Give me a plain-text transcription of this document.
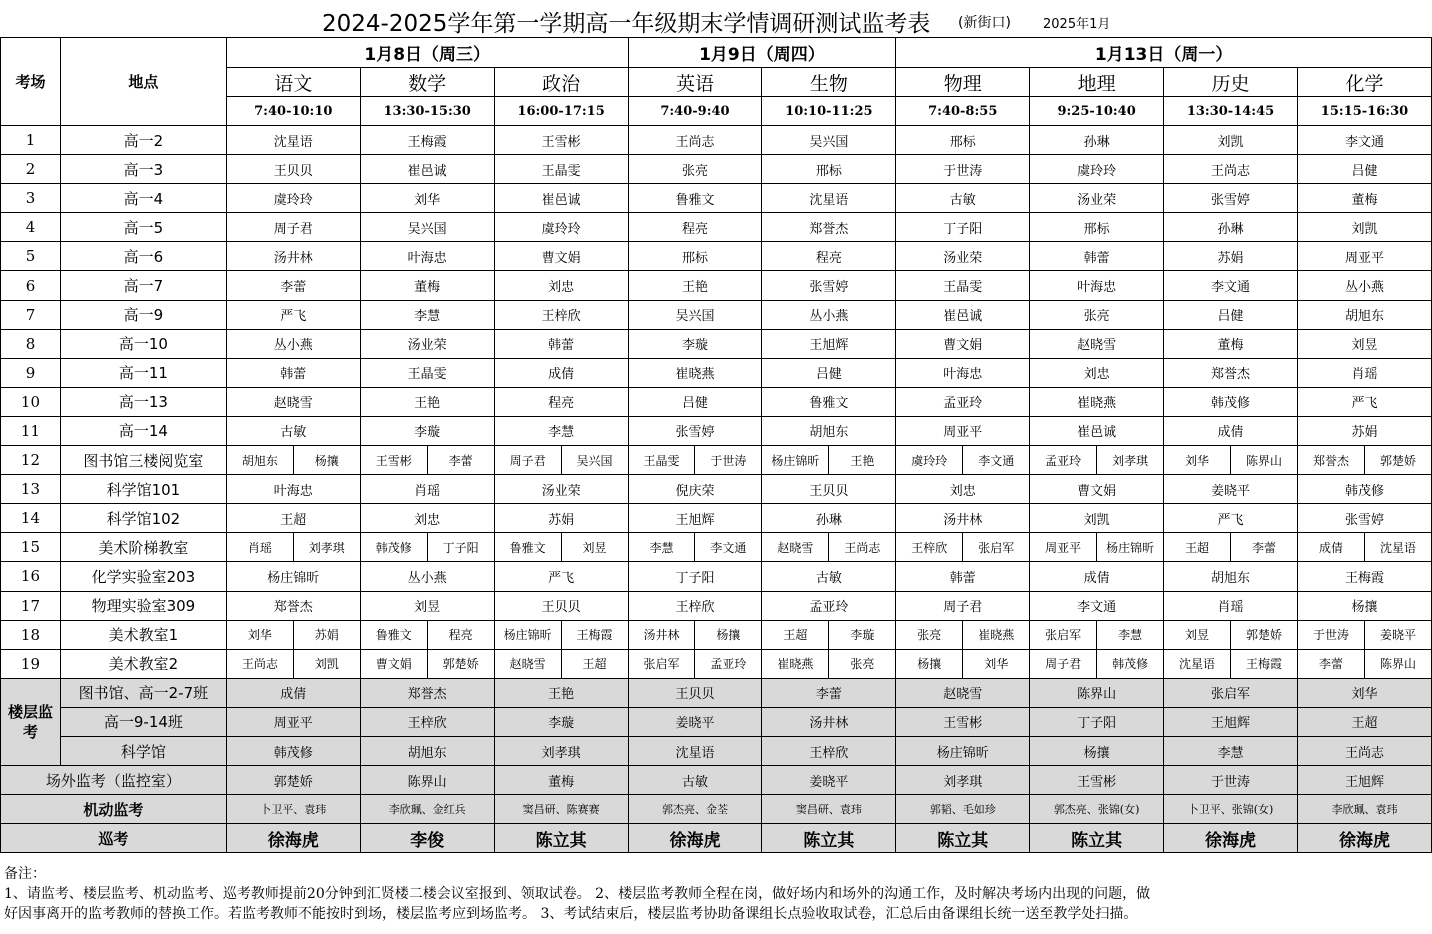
2024-2025学年第一学期高一年级期末学情调研测试监考表 (新街口) 2025年1月
考场	地点	1月8日（周三）						1月9日（周四）				1月13日（周一）							
		语文		数学		政治		英语		生物		物理		地理		历史		化学	
		7:40-10:10		13:30-15:30		16:00-17:15		7:40-9:40		10:10-11:25		7:40-8:55		9:25-10:40		13:30-14:45		15:15-16:30	
1	高一2	沈星语		王梅霞		王雪彬		王尚志		吴兴国		邢标		孙琳		刘凯		李文通	
2	高一3	王贝贝		崔邑诚		王晶雯		张亮		邢标		于世涛		虞玲玲		王尚志		吕健	
3	高一4	虞玲玲		刘华		崔邑诚		鲁雅文		沈星语		古敏		汤业荣		张雪婷		董梅	
4	高一5	周子君		吴兴国		虞玲玲		程亮		郑誉杰		丁子阳		邢标		孙琳		刘凯	
5	高一6	汤井林		叶海忠		曹文娟		邢标		程亮		汤业荣		韩蕾		苏娟		周亚平	
6	高一7	李蕾		董梅		刘忠		王艳		张雪婷		王晶雯		叶海忠		李文通		丛小燕	
7	高一9	严飞		李慧		王梓欣		吴兴国		丛小燕		崔邑诚		张亮		吕健		胡旭东	
8	高一10	丛小燕		汤业荣		韩蕾		李璇		王旭辉		曹文娟		赵晓雪		董梅		刘昱	
9	高一11	韩蕾		王晶雯		成倩		崔晓燕		吕健		叶海忠		刘忠		郑誉杰		肖瑶	
10	高一13	赵晓雪		王艳		程亮		吕健		鲁雅文		孟亚玲		崔晓燕		韩茂修		严飞	
11	高一14	古敏		李璇		李慧		张雪婷		胡旭东		周亚平		崔邑诚		成倩		苏娟	
12	图书馆三楼阅览室	胡旭东	杨攘	王雪彬	李蕾	周子君	吴兴国	王晶雯	于世涛	杨庄锦昕	王艳	虞玲玲	李文通	孟亚玲	刘孝琪	刘华	陈界山	郑誉杰	郭楚娇
13	科学馆101	叶海忠		肖瑶		汤业荣		倪庆荣		王贝贝		刘忠		曹文娟		姜晓平		韩茂修	
14	科学馆102	王超		刘忠		苏娟		王旭辉		孙琳		汤井林		刘凯		严飞		张雪婷	
15	美术阶梯教室	肖瑶	刘孝琪	韩茂修	丁子阳	鲁雅文	刘昱	李慧	李文通	赵晓雪	王尚志	王梓欣	张启军	周亚平	杨庄锦昕	王超	李蕾	成倩	沈星语
16	化学实验室203	杨庄锦昕		丛小燕		严飞		丁子阳		古敏		韩蕾		成倩		胡旭东		王梅霞	
17	物理实验室309	郑誉杰		刘昱		王贝贝		王梓欣		孟亚玲		周子君		李文通		肖瑶		杨攘	
18	美术教室1	刘华	苏娟	鲁雅文	程亮	杨庄锦昕	王梅霞	汤井林	杨攘	王超	李璇	张亮	崔晓燕	张启军	李慧	刘昱	郭楚娇	于世涛	姜晓平
19	美术教室2	王尚志	刘凯	曹文娟	郭楚娇	赵晓雪	王超	张启军	孟亚玲	崔晓燕	张亮	杨攘	刘华	周子君	韩茂修	沈星语	王梅霞	李蕾	陈界山
楼层监考	图书馆、高一2-7班	成倩		郑誉杰		王艳		王贝贝		李蕾		赵晓雪		陈界山		张启军		刘华	
	高一9-14班	周亚平		王梓欣		李璇		姜晓平		汤井林		王雪彬		丁子阳		王旭辉		王超	
	科学馆	韩茂修		胡旭东		刘孝琪		沈星语		王梓欣		杨庄锦昕		杨攘		李慧		王尚志	
场外监考（监控室）		郭楚娇		陈界山		董梅		古敏		姜晓平		刘孝琪		王雪彬		于世涛		王旭辉	
机动监考		卜卫平、袁玮		李欣珮、金红兵		窦昌研、陈赛赛		郭杰亮、金荃		窦昌研、袁玮		郭韬、毛如珍		郭杰亮、张锦(女)		卜卫平、张锦(女)		李欣珮、袁玮	
巡考		徐海虎		李俊		陈立其		徐海虎		陈立其		陈立其		陈立其		徐海虎		徐海虎	
备注：
1、请监考、楼层监考、机动监考、巡考教师提前20分钟到汇贤楼二楼会议室报到、领取试卷。 2、楼层监考教师全程在岗，做好场内和场外的沟通工作，及时解决考场内出现的问题，做
好因事离开的监考教师的替换工作。若监考教师不能按时到场，楼层监考应到场监考。 3、考试结束后，楼层监考协助备课组长点验收取试卷，汇总后由备课组长统一送至教学处扫描。
